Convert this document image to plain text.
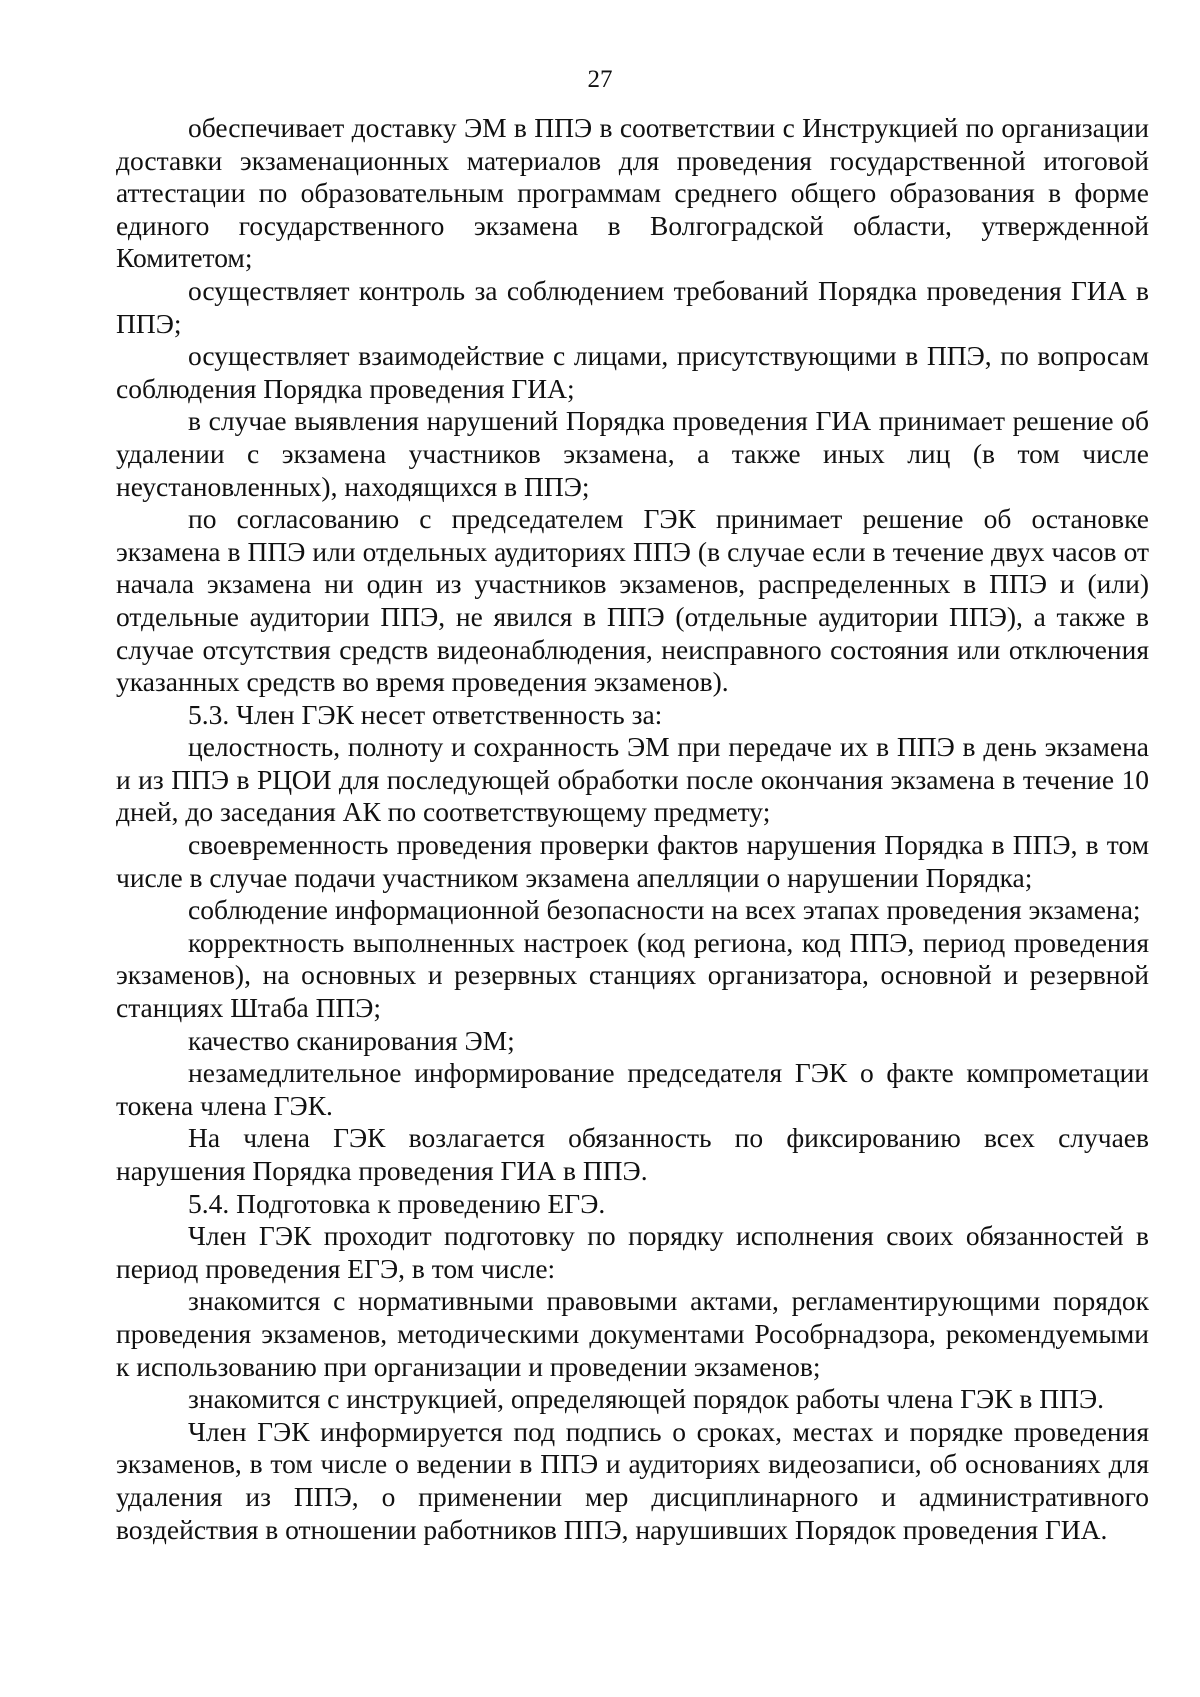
27

обеспечивает доставку ЭМ в ППЭ в соответствии с Инструкцией по организации доставки экзаменационных материалов для проведения государственной итоговой аттестации по образовательным программам среднего общего образования в форме единого государственного экзамена в Волгоградской области, утвержденной Комитетом;

осуществляет контроль за соблюдением требований Порядка проведения ГИА в ППЭ;

осуществляет взаимодействие с лицами, присутствующими в ППЭ, по вопросам соблюдения Порядка проведения ГИА;

в случае выявления нарушений Порядка проведения ГИА принимает решение об удалении с экзамена участников экзамена, а также иных лиц (в том числе неустановленных), находящихся в ППЭ;

по согласованию с председателем ГЭК принимает решение об остановке экзамена в ППЭ или отдельных аудиториях ППЭ (в случае если в течение двух часов от начала экзамена ни один из участников экзаменов, распределенных в ППЭ и (или) отдельные аудитории ППЭ, не явился в ППЭ (отдельные аудитории ППЭ), а также в случае отсутствия средств видеонаблюдения, неисправного состояния или отключения указанных средств во время проведения экзаменов).

5.3. Член ГЭК несет ответственность за:

целостность, полноту и сохранность ЭМ при передаче их в ППЭ в день экзамена и из ППЭ в РЦОИ для последующей обработки после окончания экзамена в течение 10 дней, до заседания АК по соответствующему предмету;

своевременность проведения проверки фактов нарушения Порядка в ППЭ, в том числе в случае подачи участником экзамена апелляции о нарушении Порядка;

соблюдение информационной безопасности на всех этапах проведения экзамена;

корректность выполненных настроек (код региона, код ППЭ, период проведения экзаменов), на основных и резервных станциях организатора, основной и резервной станциях Штаба ППЭ;

качество сканирования ЭМ;

незамедлительное информирование председателя ГЭК о факте компрометации токена члена ГЭК.

На члена ГЭК возлагается обязанность по фиксированию всех случаев нарушения Порядка проведения ГИА в ППЭ.

5.4. Подготовка к проведению ЕГЭ.

Член ГЭК проходит подготовку по порядку исполнения своих обязанностей в период проведения ЕГЭ, в том числе:

знакомится с нормативными правовыми актами, регламентирующими порядок проведения экзаменов, методическими документами Рособрнадзора, рекомендуемыми к использованию при организации и проведении экзаменов;

знакомится с инструкцией, определяющей порядок работы члена ГЭК в ППЭ.

Член ГЭК информируется под подпись о сроках, местах и порядке проведения экзаменов, в том числе о ведении в ППЭ и аудиториях видеозаписи, об основаниях для удаления из ППЭ, о применении мер дисциплинарного и административного воздействия в отношении работников ППЭ, нарушивших Порядок проведения ГИА.
